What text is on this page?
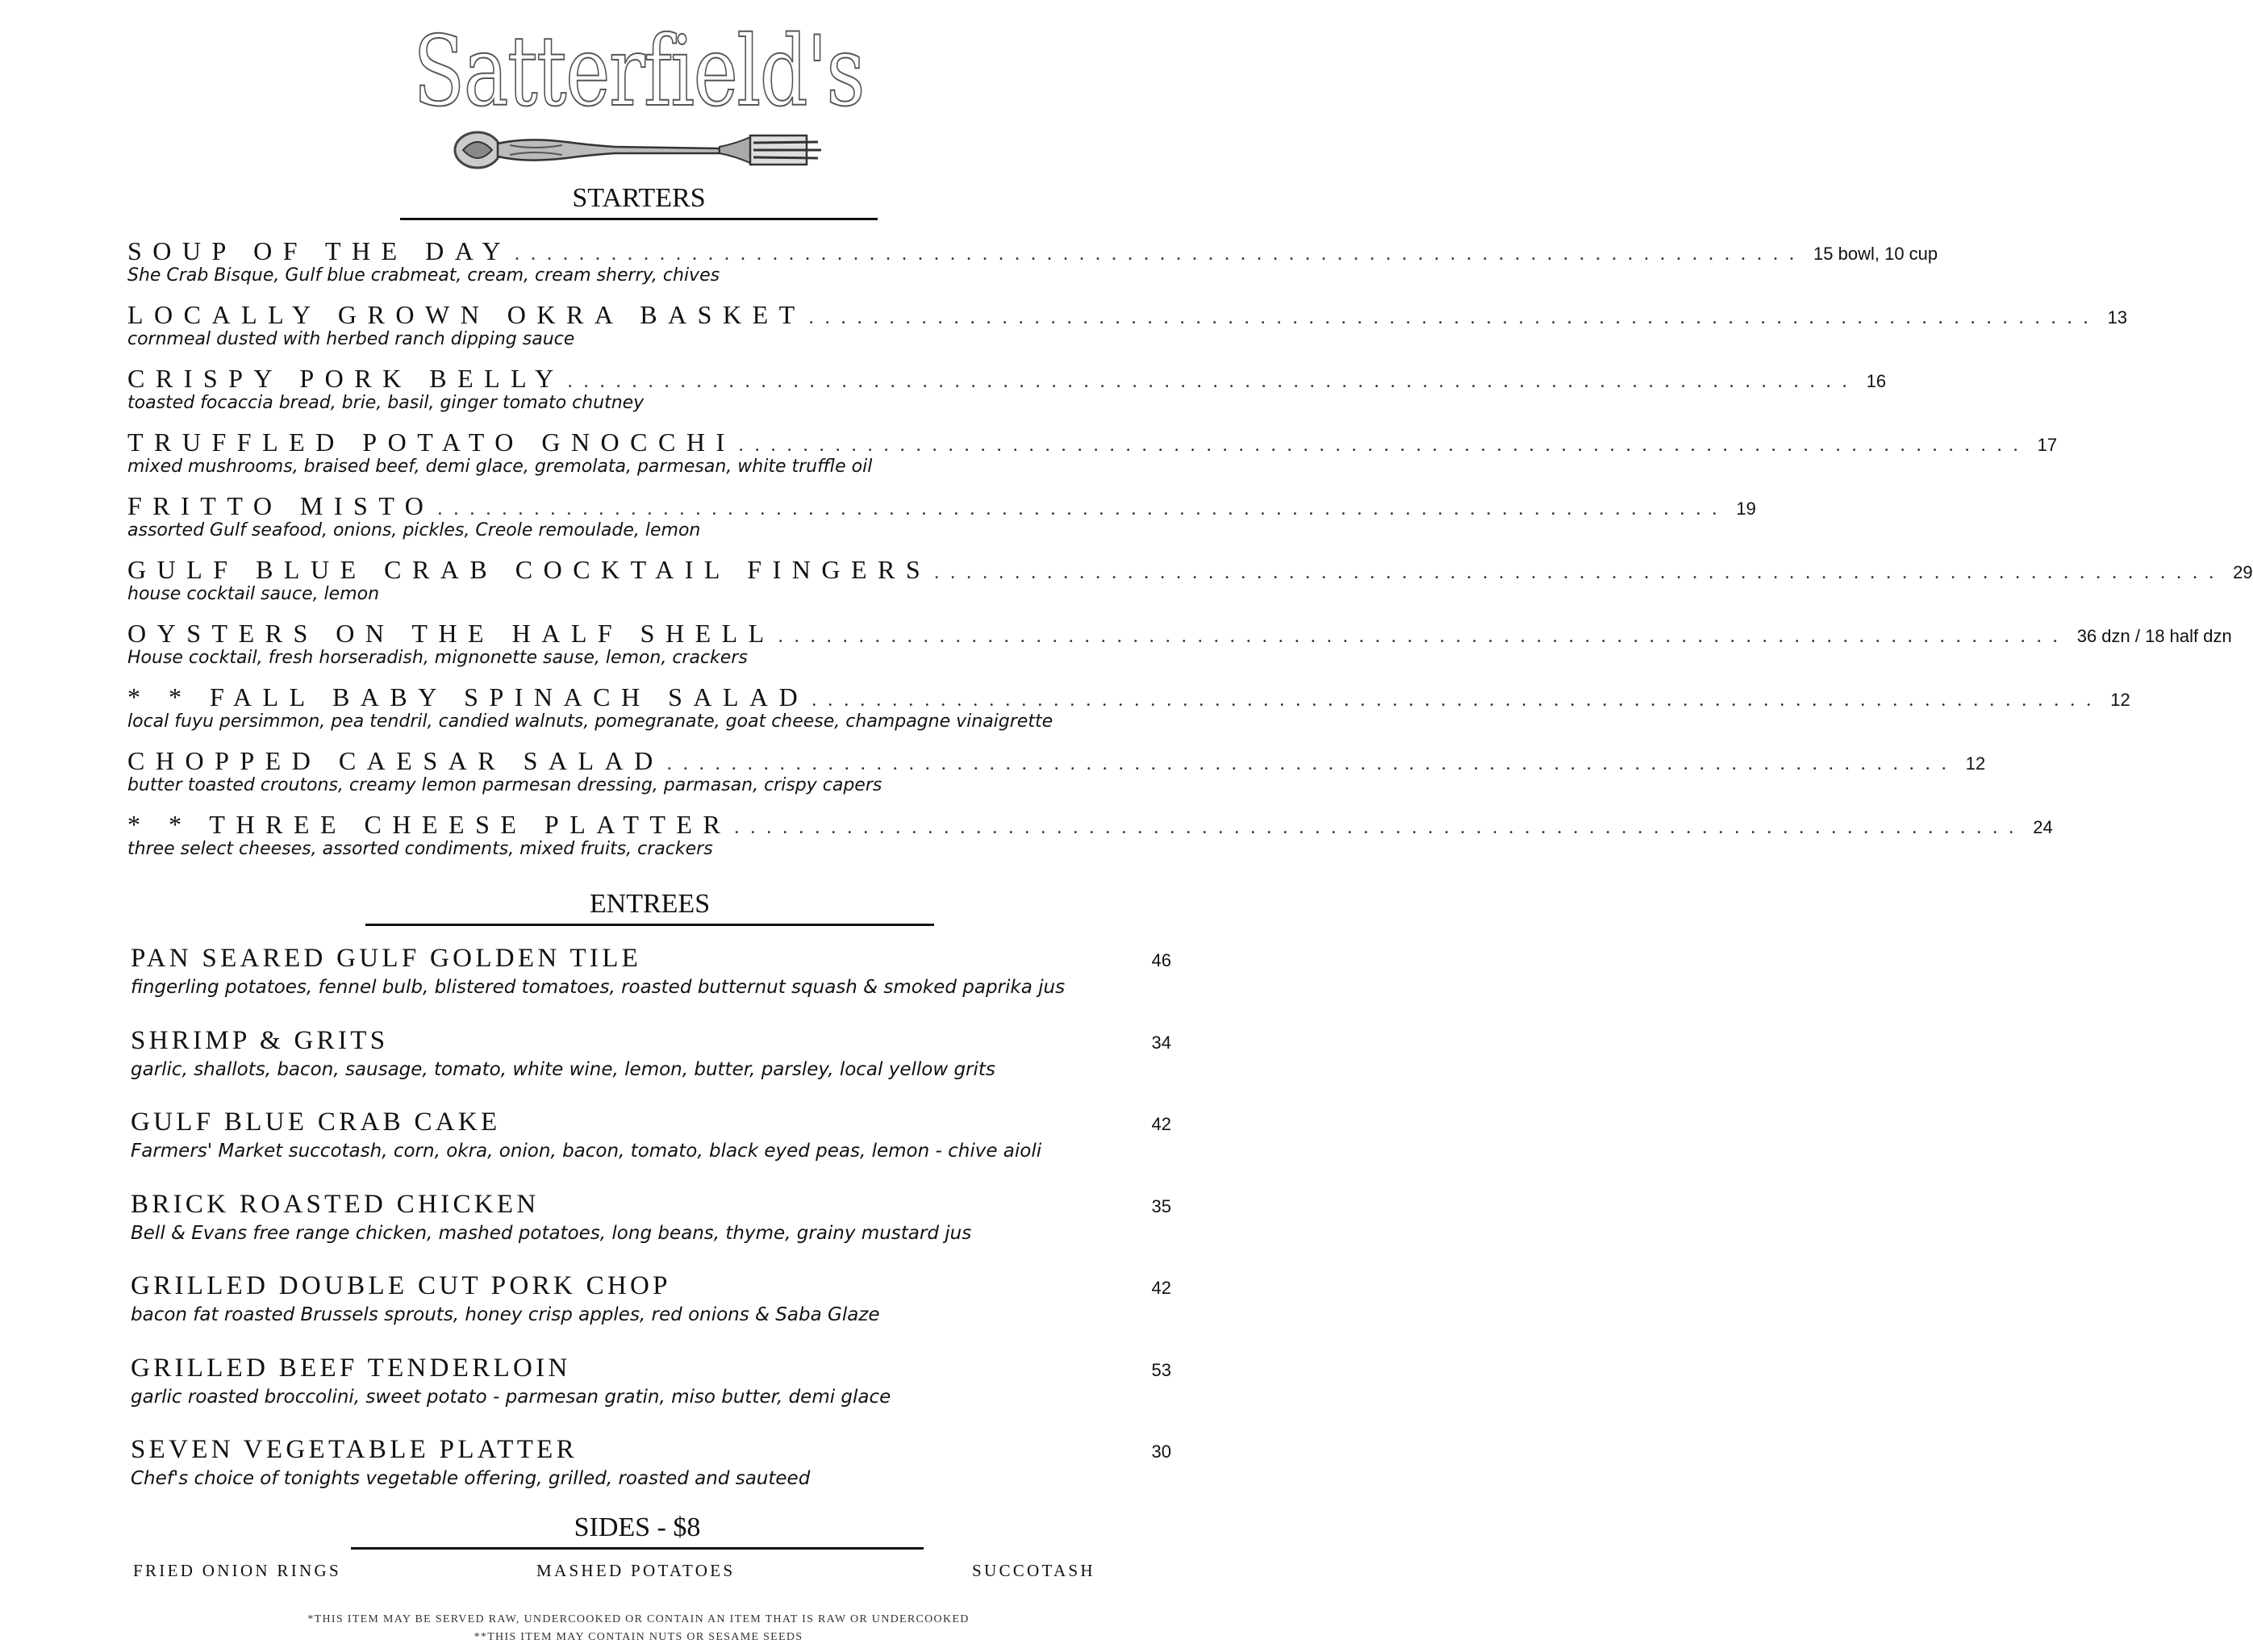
Satterfield's
STARTERS
SOUP OF THE DAY ................................................................................ 15 bowl, 10 cup
She Crab Bisque, Gulf blue crabmeat, cream, cream sherry, chives
LOCALLY GROWN OKRA BASKET ................................................................................ 13
cornmeal dusted with herbed ranch dipping sauce
CRISPY PORK BELLY ................................................................................ 16
toasted focaccia bread, brie, basil, ginger tomato chutney
TRUFFLED POTATO GNOCCHI ................................................................................ 17
mixed mushrooms, braised beef, demi glace, gremolata, parmesan, white truffle oil
FRITTO MISTO ................................................................................ 19
assorted Gulf seafood, onions, pickles, Creole remoulade, lemon
GULF BLUE CRAB COCKTAIL FINGERS ................................................................................ 29
house cocktail sauce, lemon
OYSTERS ON THE HALF SHELL ................................................................................ 36 dzn / 18 half dzn
House cocktail, fresh horseradish, mignonette sause, lemon, crackers
* * FALL BABY SPINACH SALAD ................................................................................ 12
local fuyu persimmon, pea tendril, candied walnuts, pomegranate, goat cheese, champagne vinaigrette
CHOPPED CAESAR SALAD ................................................................................ 12
butter toasted croutons, creamy lemon parmesan dressing, parmasan, crispy capers
* * THREE CHEESE PLATTER ................................................................................ 24
three select cheeses, assorted condiments, mixed fruits, crackers
ENTREES
PAN SEARED GULF GOLDEN TILE	46
fingerling potatoes, fennel bulb, blistered tomatoes, roasted butternut squash & smoked paprika jus
SHRIMP & GRITS	34
garlic, shallots, bacon, sausage, tomato, white wine, lemon, butter, parsley, local yellow grits
GULF BLUE CRAB CAKE	42
Farmers' Market succotash, corn, okra, onion, bacon, tomato, black eyed peas, lemon - chive aioli
BRICK ROASTED CHICKEN	35
Bell & Evans free range chicken, mashed potatoes, long beans, thyme, grainy mustard jus
GRILLED DOUBLE CUT PORK CHOP	42
bacon fat roasted Brussels sprouts, honey crisp apples, red onions & Saba Glaze
GRILLED BEEF TENDERLOIN	53
garlic roasted broccolini, sweet potato - parmesan gratin, miso butter, demi glace
SEVEN VEGETABLE PLATTER	30
Chef's choice of tonights vegetable offering, grilled, roasted and sauteed
SIDES - $8
FRIED ONION RINGS	MASHED POTATOES	SUCCOTASH
*THIS ITEM MAY BE SERVED RAW, UNDERCOOKED OR CONTAIN AN ITEM THAT IS RAW OR UNDERCOOKED
**THIS ITEM MAY CONTAIN NUTS OR SESAME SEEDS
